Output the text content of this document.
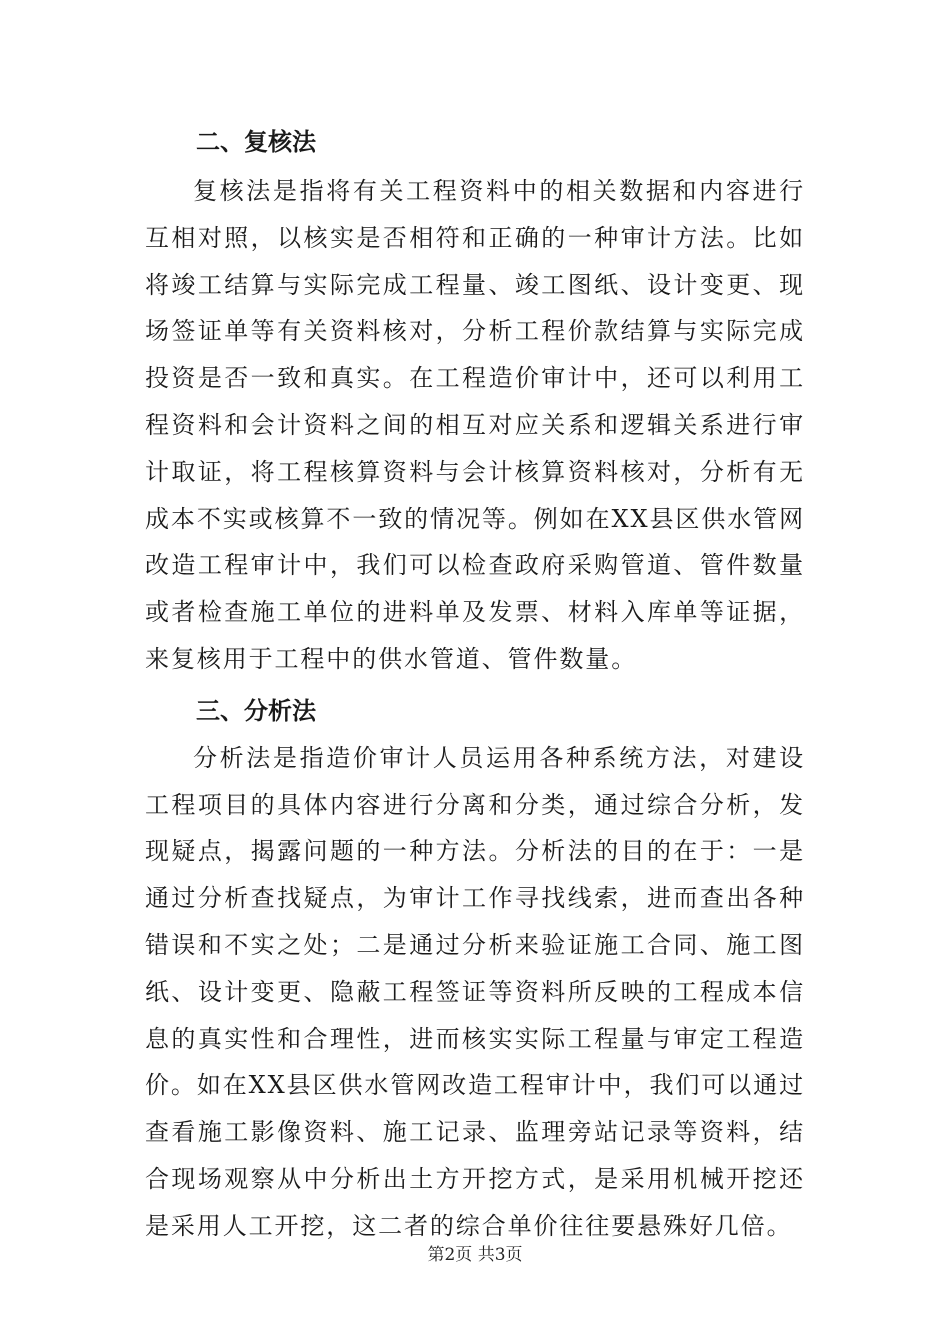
二、复核法

复核法是指将有关工程资料中的相关数据和内容进行互相对照，以核实是否相符和正确的一种审计方法。比如将竣工结算与实际完成工程量、竣工图纸、设计变更、现场签证单等有关资料核对，分析工程价款结算与实际完成投资是否一致和真实。在工程造价审计中，还可以利用工程资料和会计资料之间的相互对应关系和逻辑关系进行审计取证，将工程核算资料与会计核算资料核对，分析有无成本不实或核算不一致的情况等。例如在XX县区供水管网改造工程审计中，我们可以检查政府采购管道、管件数量或者检查施工单位的进料单及发票、材料入库单等证据，来复核用于工程中的供水管道、管件数量。

三、分析法

分析法是指造价审计人员运用各种系统方法，对建设工程项目的具体内容进行分离和分类，通过综合分析，发现疑点，揭露问题的一种方法。分析法的目的在于：一是通过分析查找疑点，为审计工作寻找线索，进而查出各种错误和不实之处；二是通过分析来验证施工合同、施工图纸、设计变更、隐蔽工程签证等资料所反映的工程成本信息的真实性和合理性，进而核实实际工程量与审定工程造价。如在XX县区供水管网改造工程审计中，我们可以通过查看施工影像资料、施工记录、监理旁站记录等资料，结合现场观察从中分析出土方开挖方式，是采用机械开挖还是采用人工开挖，这二者的综合单价往往要悬殊好几倍。

第2页 共3页
